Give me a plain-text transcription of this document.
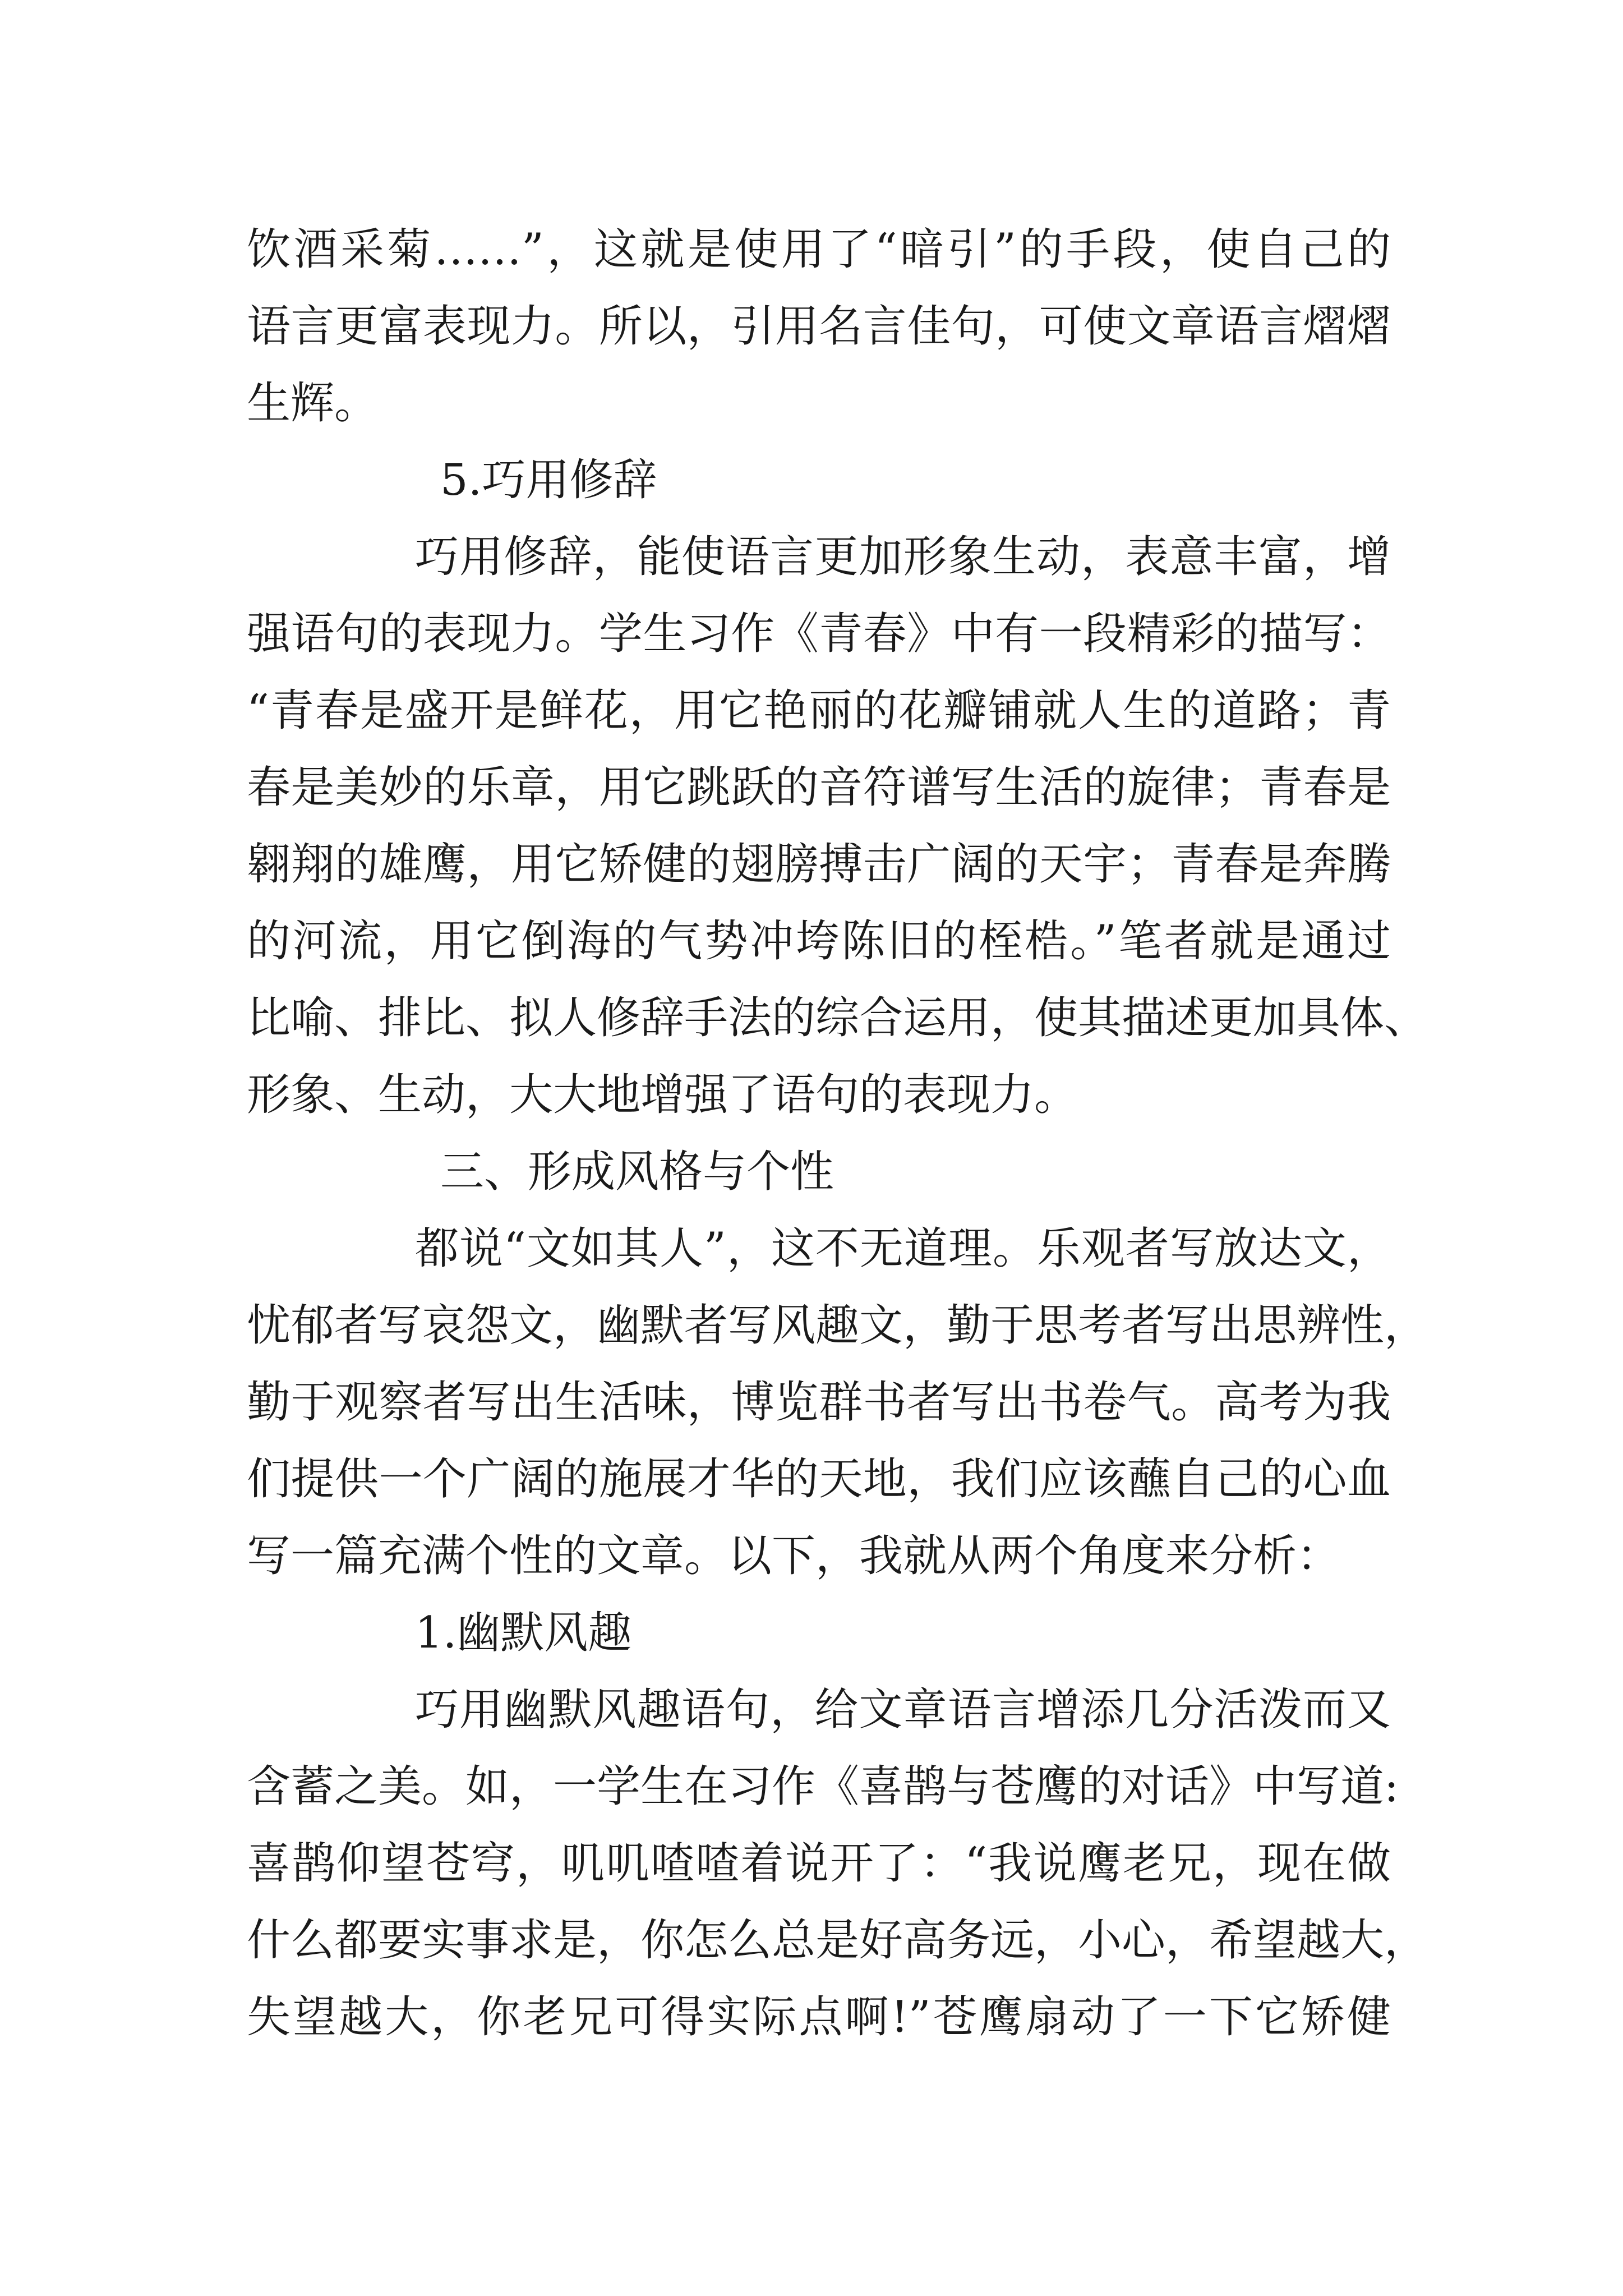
饮酒采菊……”，这就是使用了“暗引”的手段，使自己的
语言更富表现力。所以，引用名言佳句，可使文章语言熠熠
生辉。
5.巧用修辞
巧用修辞，能使语言更加形象生动，表意丰富，增
强语句的表现力。学生习作《青春》中有一段精彩的描写：
“青春是盛开是鲜花，用它艳丽的花瓣铺就人生的道路；青
春是美妙的乐章，用它跳跃的音符谱写生活的旋律；青春是
翱翔的雄鹰，用它矫健的翅膀搏击广阔的天宇；青春是奔腾
的河流，用它倒海的气势冲垮陈旧的桎梏。”笔者就是通过
比喻、排比、拟人修辞手法的综合运用，使其描述更加具体、
形象、生动，大大地增强了语句的表现力。
三、形成风格与个性
都说“文如其人”，这不无道理。乐观者写放达文，
忧郁者写哀怨文，幽默者写风趣文，勤于思考者写出思辨性，
勤于观察者写出生活味，博览群书者写出书卷气。高考为我
们提供一个广阔的施展才华的天地，我们应该蘸自己的心血
写一篇充满个性的文章。以下，我就从两个角度来分析：
1.幽默风趣
巧用幽默风趣语句，给文章语言增添几分活泼而又
含蓄之美。如，一学生在习作《喜鹊与苍鹰的对话》中写道:
喜鹊仰望苍穹，叽叽喳喳着说开了：“我说鹰老兄，现在做
什么都要实事求是，你怎么总是好高务远，小心，希望越大，
失望越大，你老兄可得实际点啊!”苍鹰扇动了一下它矫健
